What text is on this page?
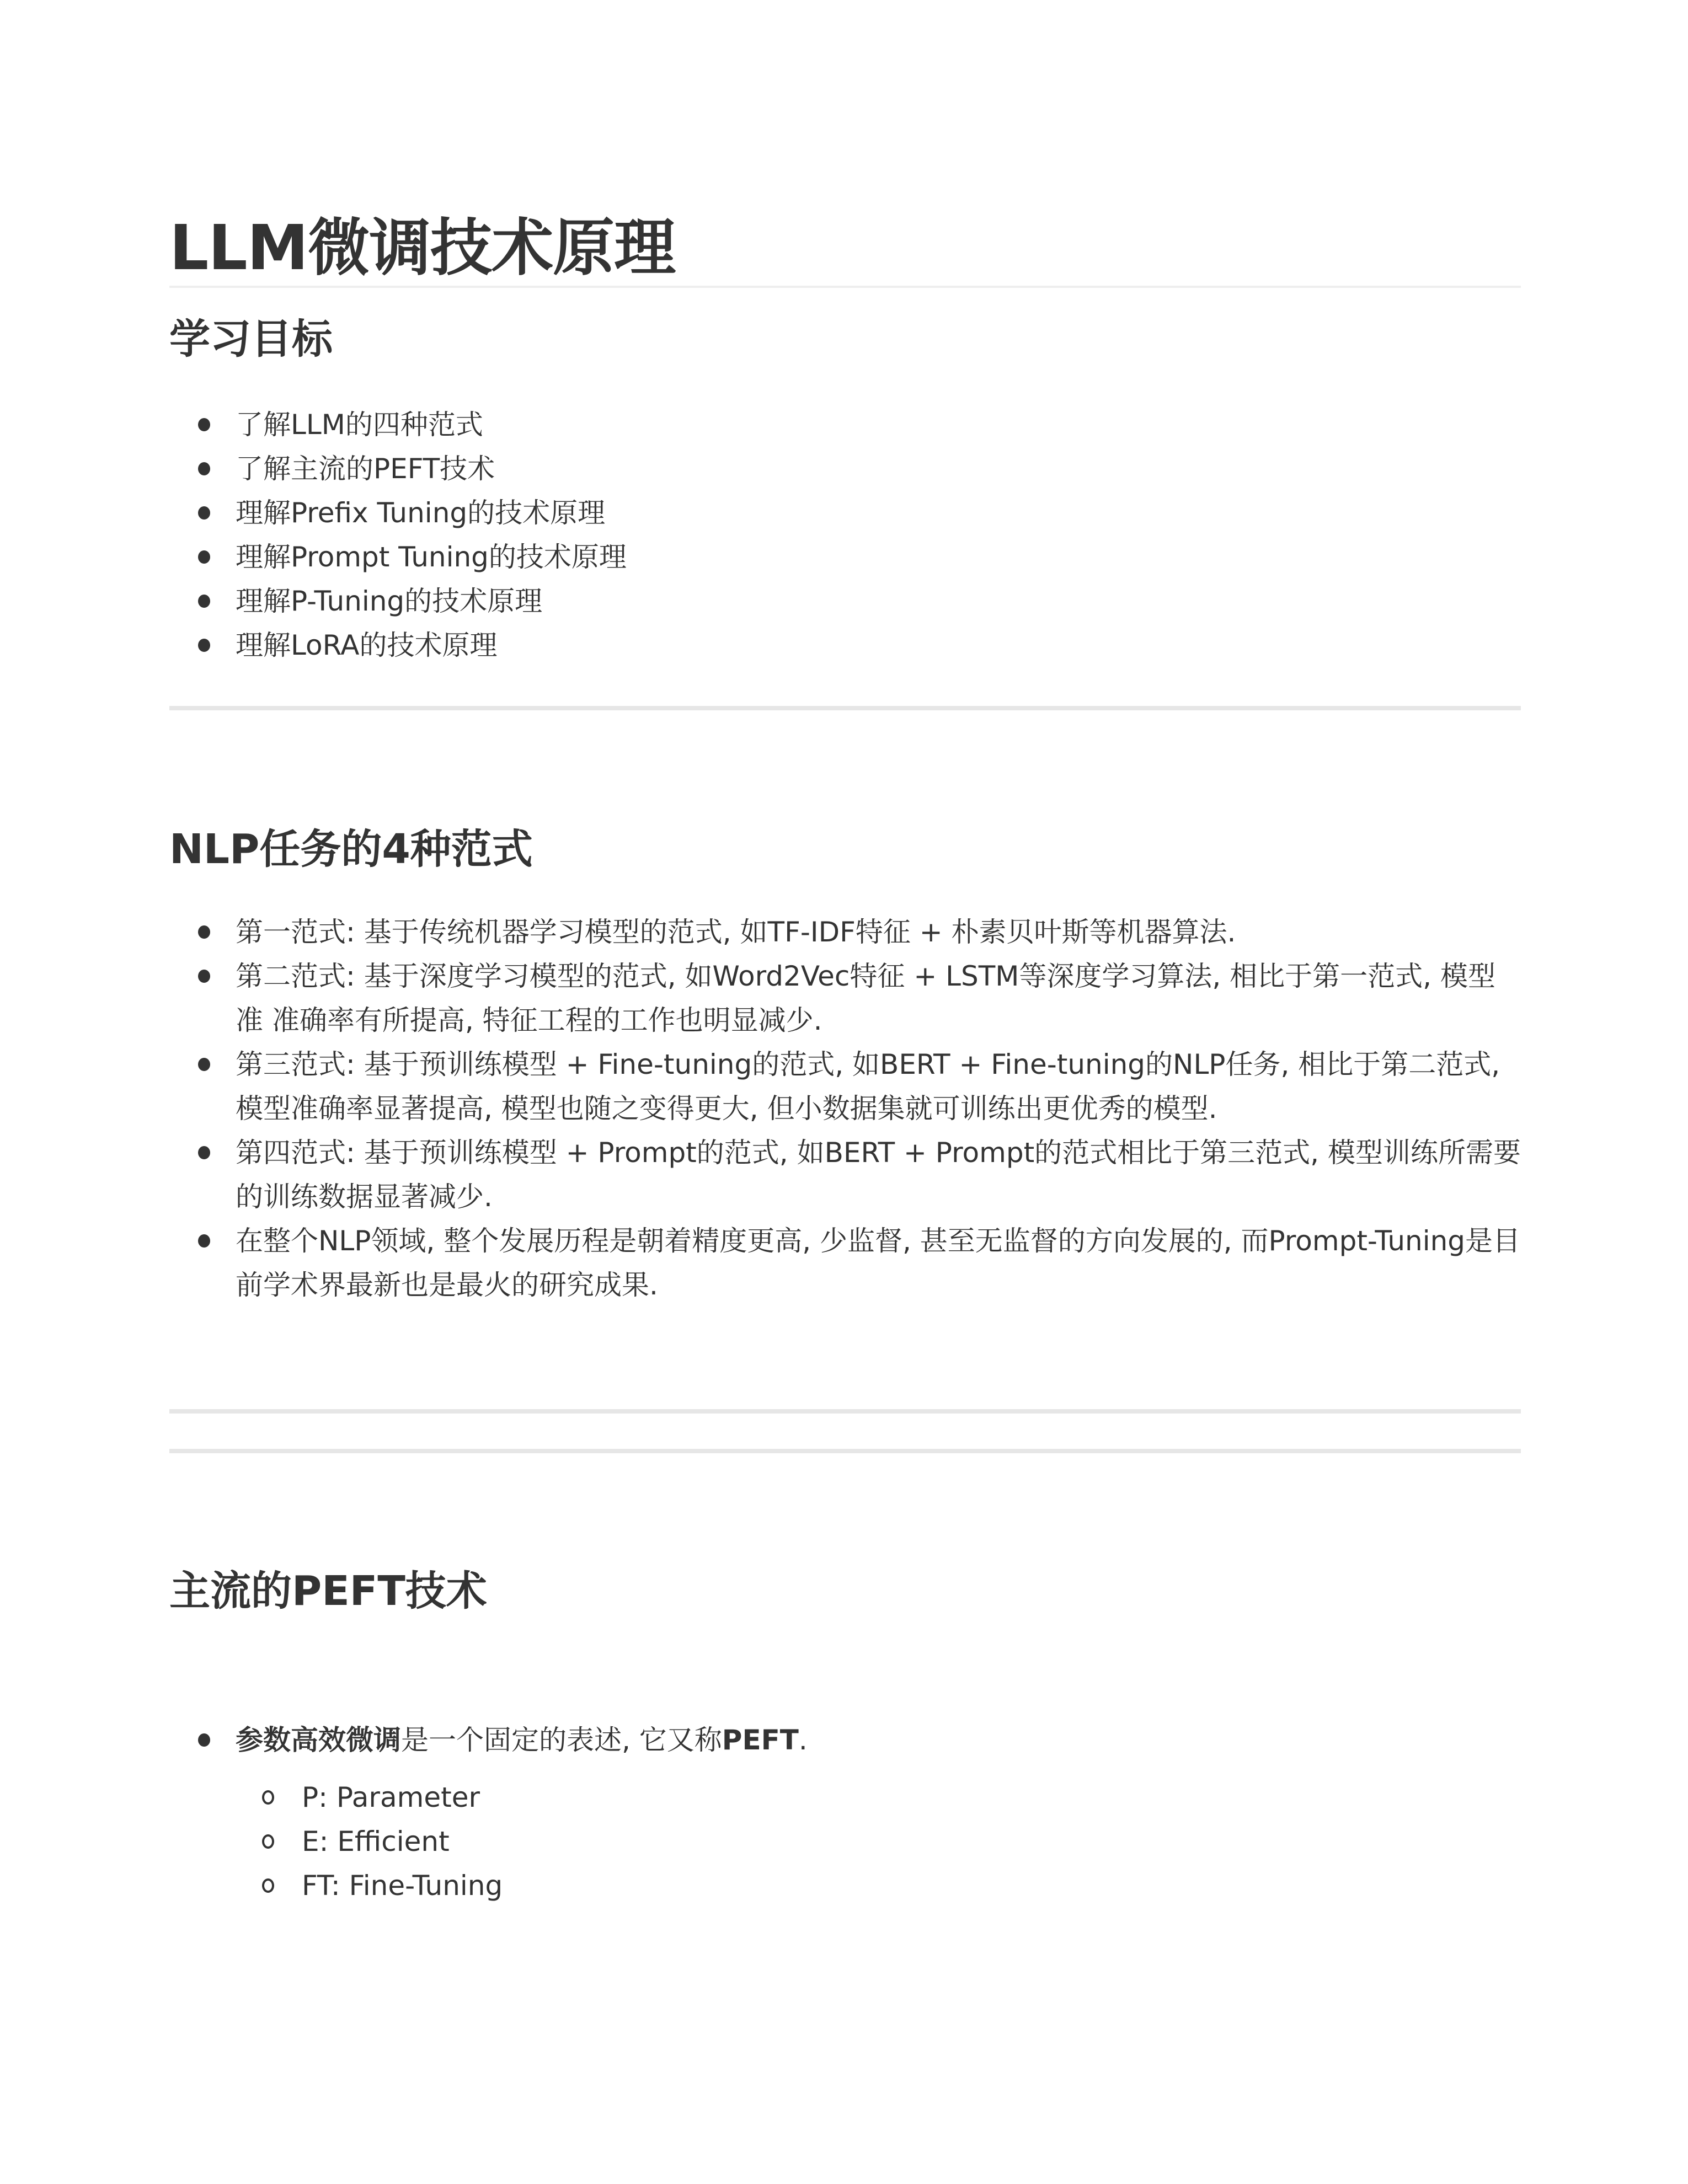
LLM微调技术原理
学习目标
了解LLM的四种范式
了解主流的PEFT技术
理解Prefix Tuning的技术原理
理解Prompt Tuning的技术原理
理解P-Tuning的技术原理
理解LoRA的技术原理
NLP任务的4种范式
第一范式: 基于传统机器学习模型的范式, 如TF-IDF特征 + 朴素贝叶斯等机器算法.
第二范式: 基于深度学习模型的范式, 如Word2Vec特征 + LSTM等深度学习算法, 相比于第一范式, 模型准 准确率有所提高, 特征工程的工作也明显减少.
第三范式: 基于预训练模型 + Fine-tuning的范式, 如BERT + Fine-tuning的NLP任务, 相比于第二范式, 模型准确率显著提高, 模型也随之变得更大, 但小数据集就可训练出更优秀的模型.
第四范式: 基于预训练模型 + Prompt的范式, 如BERT + Prompt的范式相比于第三范式, 模型训练所需要的训练数据显著减少.
在整个NLP领域, 整个发展历程是朝着精度更高, 少监督, 甚至无监督的方向发展的, 而Prompt-Tuning是目前学术界最新也是最火的研究成果.
主流的PEFT技术
参数高效微调是一个固定的表述, 它又称PEFT.
P: Parameter
E: Efficient
FT: Fine-Tuning
